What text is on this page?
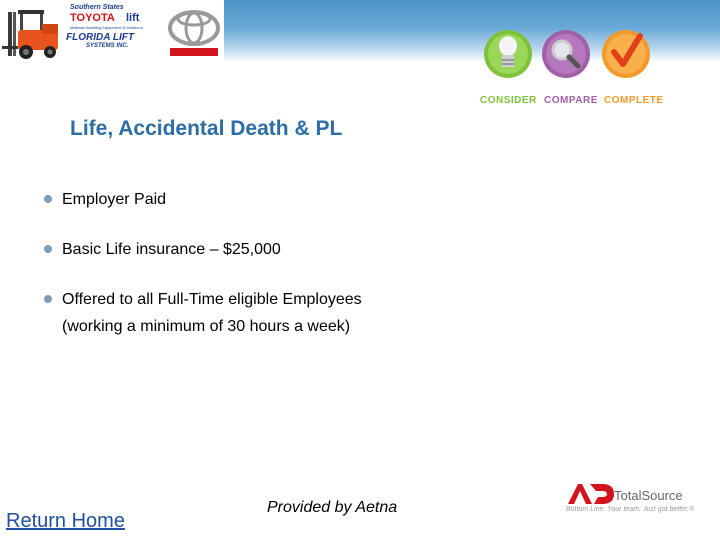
Southern States
TOYOTA lift
Material Handling Equipment & Solutions
FLORIDA LIFT
SYSTEMS INC.
CONSIDER COMPARE COMPLETE
Life, Accidental Death & PL
Employer Paid
Basic Life insurance – $25,000
Offered to all Full-Time eligible Employees
(working a minimum of 30 hours a week)
Return Home
Provided by Aetna
TotalSource
Bottom Line. Your team. Just got better.®
